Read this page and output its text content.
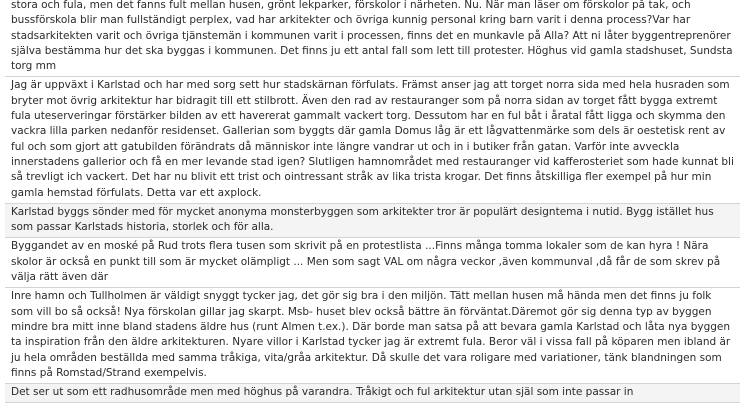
stora och fula, men det fanns fult mellan husen, grönt lekparker, förskolor i närheten. Nu. När man läser om förskolor på tak, och bussförskola blir man fullständigt perplex, vad har arkitekter och övriga kunnig personal kring barn varit i denna process?Var har stadsarkitekten varit och övriga tjänstemän i kommunen varit i processen, finns det en munkavle på Alla? Att ni låter byggentreprenörer själva bestämma hur det ska byggas i kommunen. Det finns ju ett antal fall som lett till protester. Höghus vid gamla stadshuset, Sundsta torg mm

Jag är uppväxt i Karlstad och har med sorg sett hur stadskärnan förfulats. Främst anser jag att torget norra sida med hela husraden som bryter mot övrig arkitektur har bidragit till ett stilbrott. Även den rad av restauranger som på norra sidan av torget fått bygga extremt fula uteserveringar förstärker bilden av ett havererat gammalt vackert torg. Dessutom har en ful båt i åratal fått ligga och skymma den vackra lilla parken nedanför residenset. Gallerian som byggts där gamla Domus låg är ett lågvattenmärke som dels är oestetisk rent av ful och som gjort att gatubilden förändrats då människor inte längre vandrar ut och in i butiker från gatan. Varför inte avveckla innerstadens gallerior och få en mer levande stad igen? Slutligen hamnområdet med restauranger vid kafferosteriet som hade kunnat bli så trevligt ich vackert. Det har nu blivit ett trist och ointressant stråk av lika trista krogar. Det finns åtskilliga fler exempel på hur min gamla hemstad förfulats. Detta var ett axplock.

Karlstad byggs sönder med för mycket anonyma monsterbyggen som arkitekter tror är populärt designtema i nutid. Bygg istället hus som passar Karlstads historia, storlek och för alla.

Byggandet av en moské på Rud trots flera tusen som skrivit på en protestlista ...Finns många tomma lokaler som de kan hyra ! Nära skolor är också en punkt till som är mycket olämpligt ... Men som sagt VAL om några veckor ,även kommunval ,då får de som skrev på välja rätt även där

Inre hamn och Tullholmen är väldigt snyggt tycker jag, det gör sig bra i den miljön. Tätt mellan husen må hända men det finns ju folk som vill bo så också! Nya förskolan gillar jag skarpt. Msb- huset blev också bättre än förväntat.Däremot gör sig denna typ av byggen mindre bra mitt inne bland stadens äldre hus (runt Almen t.ex.). Där borde man satsa på att bevara gamla Karlstad och låta nya byggen ta inspiration från den äldre arkitekturen. Nyare villor i Karlstad tycker jag är extremt fula. Beror väl i vissa fall på köparen men ibland är ju hela områden beställda med samma tråkiga, vita/gråa arkitektur. Då skulle det vara roligare med variationer, tänk blandningen som finns på Romstad/Strand exempelvis.

Det ser ut som ett radhusområde men med höghus på varandra. Tråkigt och ful arkitektur utan själ som inte passar in
